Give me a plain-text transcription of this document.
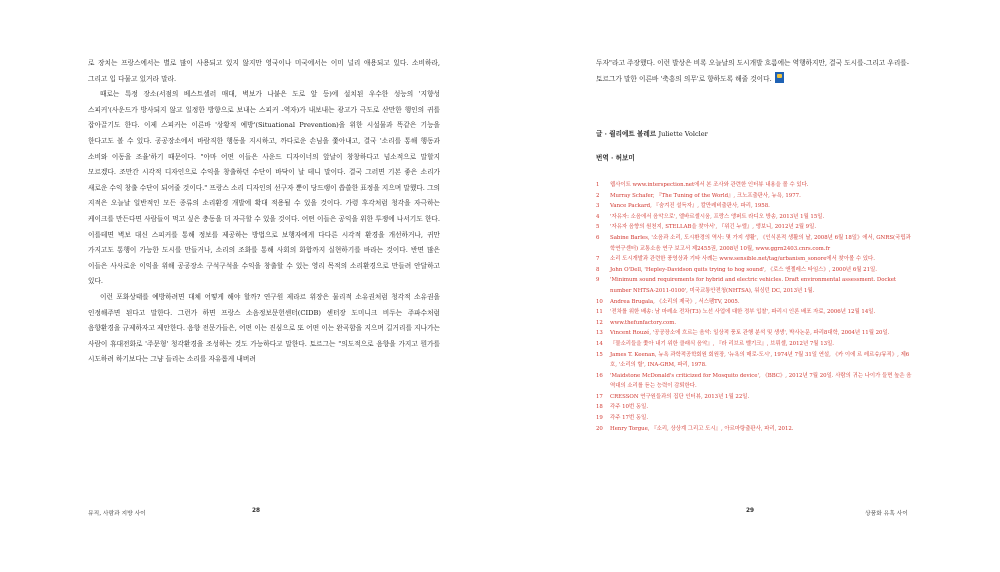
로 장치는 프랑스에서는 별로 많이 사용되고 있지 않지만 영국이나 미국에서는 이미 널리 애용되고 있다. 소비하라, 그리고 입 다물고 있거라 말라.

때로는 특정 장소(서점의 베스트셀러 매대, 벽보가 나붙은 도로 앞 등)에 설치된 우수한 성능의 '지향성 스피커'(사운드가 방사되지 않고 일정한 방향으로 보내는 스피커 -역자)가 내보내는 광고가 극도로 산만한 행인의 귀를 잡아끌기도 한다. 이제 스피커는 이른바 '상황적 예방'(Situational Prevention)을 위한 시설물과 똑같은 기능을 한다고도 볼 수 있다. 공공장소에서 바람직한 행동을 지시하고, 까다로운 손님을 쫓아내고, 결국 '소리를 통해 행동과 소비와 이동을 조율'하기 때문이다. "아마 어떤 이들은 사운드 디자이너의 앞날이 창창하다고 넘소적으로 말할지 모르겠다. 조만간 시각적 디자인으로 수익을 창출하던 수단이 바닥이 날 테니 말이다. 결국 그러면 기본 좋은 소리가 새로운 수익 창출 수단이 되어줄 것이다." 프랑스 소리 디자인의 선구자 뿐이 당드랭이 씁쓸한 표정을 지으며 말했다. 그의 지적은 오늘날 일반적인 모든 종류의 소리환경 개발에 확대 적용될 수 있을 것이다. 가령 후각처럼 청각을 자극하는 케이크를 만든다면 사람들이 먹고 싶은 충동을 더 자극할 수 있을 것이다. 어떤 이들은 공익을 위한 투쟁에 나서기도 한다. 이를테면 벽보 대신 스피커를 통해 정보를 제공하는 방법으로 보행자에게 다다른 시각적 환경을 개선하거나, 귀만 가지고도 통행이 가능한 도시를 만들거나, 소리의 조화를 통해 사회의 화합까지 실현하기를 바라는 것이다. 반면 많은 이들은 사사로운 이익을 위해 공공장소 구석구석을 수익을 창출할 수 있는 영리 목적의 소리환경으로 만들려 안달하고 있다.

이런 포화상태를 예방하려면 대체 어떻게 해야 할까? 연구원 제라르 위장은 물리적 소유권처럼 청각적 소유권을 인정해주면 된다고 말한다. 그런가 하면 프랑스 소음정보문헌센터(CIDB) 센터장 도미니크 비두는 주파수처럼 음향환경을 규제하자고 제안한다. 음향 전문가들은, 어떤 이는 진심으로 또 어떤 이는 완곡함을 지으며 길거리를 지나가는 사람이 휴대전화로 '주문형' 청각환경을 조성하는 것도 가능하다고 말한다. 토르그는 "의도적으로 음향을 가지고 뭔가를 시도하려 하기보다는 그냥 들리는 소리를 자유롭게 내버려

뮤직, 사람과 지방 사이	28

두자"라고 주장했다. 이런 발상은 비록 오늘날의 도시개발 흐름에는 역행하지만, 결국 도시를-그리고 우리를- 토르그가 말한 이른바 '축흥의 의무'로 향하도록 해줄 것이다.

글 · 쥘리에트 볼레르 Juliette Volcler
번역 · 허보미
1	웹사이트 www.interspection.net에서 본 조사와 관련한 인터뷰 내용을 볼 수 있다.
2	Murray Schafer, 『The Tuning of the World』, 크노프출판사, 뉴욕, 1977.
3	Vance Packard, 『숨겨진 설득자』, 칼만레비출판사, 파리, 1958.
4	'자유자: 소음에서 음악으로', 엘바르셀시움, 프랑스 앵퍼트 라디오 방송, 2013년 1월 15일.
5	'자유자 음향의 원천지, STELLAB을 찾아서', 『위긴 누엘』, 앵보니, 2012년 2월 9일.
6	Sabine Barles, '소음과 소리, 도시환경의 역사: 몇 가지 생활', 《인식론적 생활의 날, 2008년 6월 18일》에서, GNRS(국립과학연구센터) 교통소음 연구 보고서 제2455권, 2008년 10월, www.ggrn2403.cnrs.com.fr
7	소리 도시개발과 관련한 풍영상과 기타 사례는 www.sensible.net/tag/urbanism_sonore에서 찾아볼 수 있다.
8	John O'Dell, 'Hepley-Davidson quits trying to hog sound', 《로스 앤젤레스 타임스》, 2000년 6월 21일.
9	'Minimum sound requirements for hybrid and electric vehicles. Draft environmental assessment. Docket number NHTSA-2011-0100', 미국교통안전청(NHTSA), 워싱턴 DC, 2013년 1월.
10	Andrea Brugala, 《소리의 제국》, 서스팸TV, 2005.
11	'전차를 위한 배송: 남 마레쇼 전차(T3) 노선 사업에 대한 정부 입찰', 파리시 인론 배포 자료, 2006년 12월 14일.
12	www.thefunfactory.com.
13	Vincent Rouzé, '공공장소에 흐르는 음악: 일상적 풍토 관행 분석 및 생생', 박사논문, 파리8대학, 2004년 11월 20일.
14	『물소리들을 쫓아 내기 위한 클래식 음악』, 『라 리브르 벨기크』, 브뤼셀, 2012년 7월 13일.
15	James T. Keenan, 뉴욕 과학적공학회원 회원장, '뉴욕의 매로-도시', 1974년 7월 31일 연설, 《카 이에 르 레르슈/뮤직》, 제6호, '소리의 할', INA-GRM, 파리, 1978.
16	'Maidstone McDonald's criticized for Mosquito device', 《BBC》, 2012년 7월 20일. 사람의 귀는 나이가 들면 높은 음역대의 소리를 듣는 능력이 감퇴한다.
17	CRESSON 연구원들과의 집단 인터뷰, 2013년 1월 22일.
18	각주 10번 동일.
19	각주 17번 동일.
20	Henry Torgue, 『소리, 상상계 그리고 도시』, 아르마탕출판사, 파리, 2012.
29	상품화 유혹 사이
